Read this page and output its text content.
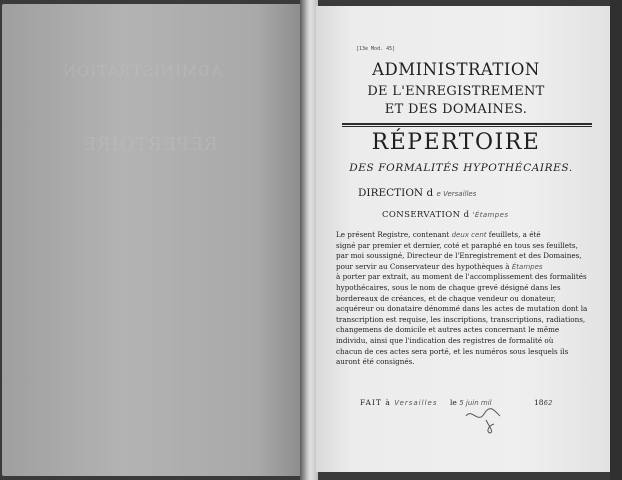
ADMINISTRATION
RÉPERTOIRE
[13e Mod. 45]
ADMINISTRATION
DE L'ENREGISTREMENT
ET DES DOMAINES.
RÉPERTOIRE
DES FORMALITÉS HYPOTHÉCAIRES.
DIRECTION d e Versailles
CONSERVATION d 'Étampes
Le présent Registre, contenant deux cent feuillets, a été
signé par premier et dernier, coté et paraphé en tous ses feuillets,
par moi soussigné, Directeur de l'Enregistrement et des Domaines,
pour servir au Conservateur des hypothèques à Étampes
à porter par extrait, au moment de l'accomplissement des formalités
hypothécaires, sous le nom de chaque grevé désigné dans les
bordereaux de créances, et de chaque vendeur ou donateur,
acquéreur ou donataire dénommé dans les actes de mutation dont la
transcription est requise, les inscriptions, transcriptions, radiations,
changemens de domicile et autres actes concernant le même
individu, ainsi que l'indication des registres de formalité où
chacun de ces actes sera porté, et les numéros sous lesquels ils
auront été consignés.
FAIT à Versailles le 5 juin mil	1862
